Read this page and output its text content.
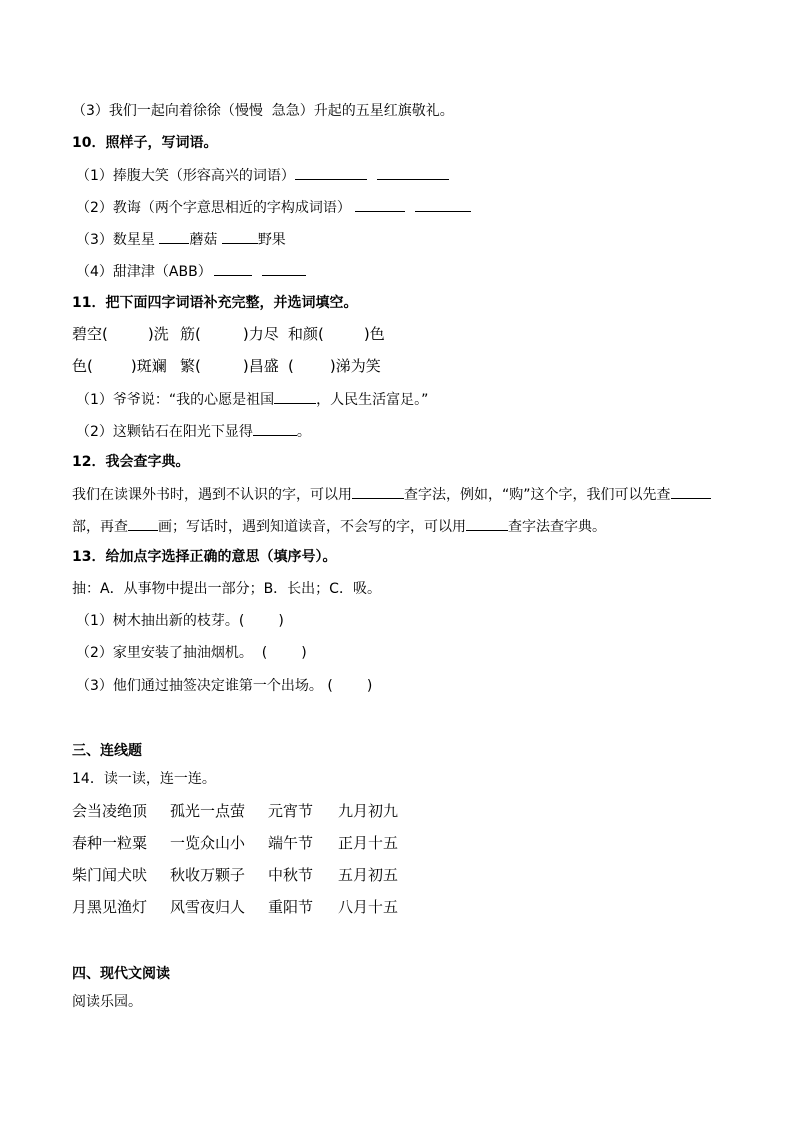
（3）我们一起向着徐徐（慢慢  急急）升起的五星红旗敬礼。
10．照样子，写词语。
（1）捧腹大笑（形容高兴的词语）
（2）教诲（两个字意思相近的字构成词语）
（3）数星星 蘑菇	野果
（4）甜津津（ABB）
11．把下面四字词语补充完整，并选词填空。
碧空(	)洗 筋(	)力尽 和颜(	)色
色(	)斑斓 繁(	)昌盛 ( )涕为笑
（1）爷爷说：“我的心愿是祖国	，人民生活富足。”
（2）这颗钻石在阳光下显得	。
12．我会查字典。
我们在读课外书时，遇到不认识的字，可以用	查字法，例如，“购”这个字，我们可以先查
部，再查 画；写话时，遇到知道读音，不会写的字，可以用	查字法查字典。
13．给加点字选择正确的意思（填序号）。
抽：A．从事物中提出一部分；B．长出；C．吸。
（1）树木抽出新的枝芽。( )
（2）家里安装了抽油烟机。  ( )
（3）他们通过抽签决定谁第一个出场。 ( )
三、连线题
14．读一读，连一连。
会当凌绝顶 孤光一点萤 元宵节 九月初九
春种一粒粟 一览众山小 端午节 正月十五
柴门闻犬吠 秋收万颗子 中秋节 五月初五
月黑见渔灯 风雪夜归人 重阳节 八月十五
四、现代文阅读
阅读乐园。
